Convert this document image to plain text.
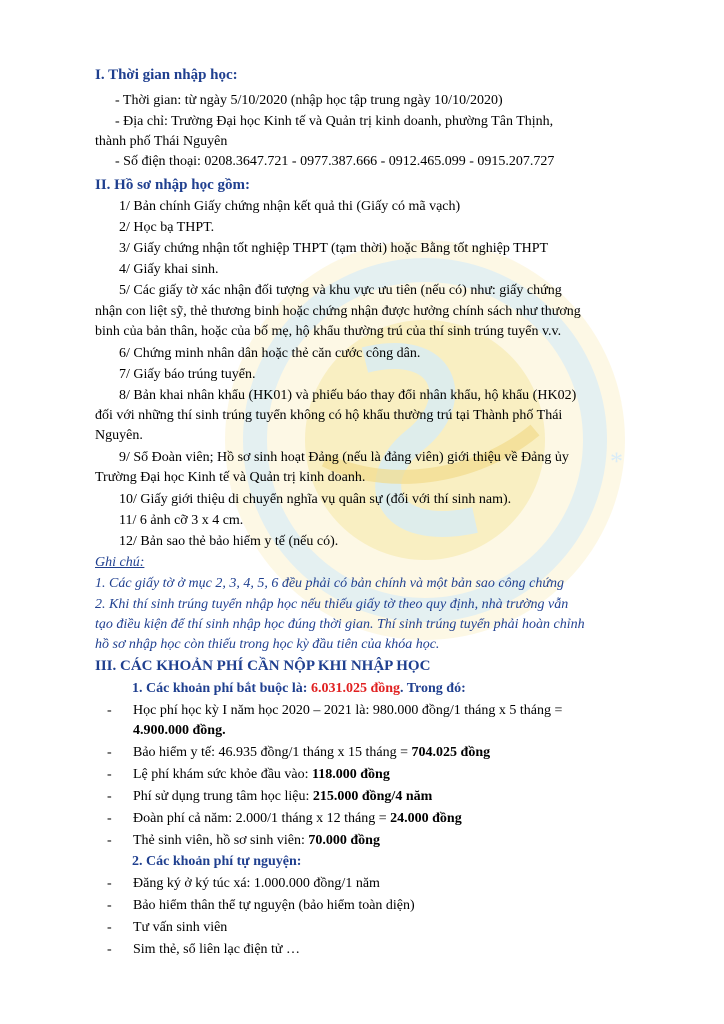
*
I. Thời gian nhập học:
- Thời gian: từ ngày 5/10/2020 (nhập học tập trung ngày 10/10/2020)
- Địa chỉ: Trường Đại học Kinh tế và Quản trị kinh doanh, phường Tân Thịnh,
thành phố Thái Nguyên
- Số điện thoại: 0208.3647.721 - 0977.387.666 - 0912.465.099 - 0915.207.727
II. Hồ sơ nhập học gồm:
1/ Bản chính Giấy chứng nhận kết quả thi (Giấy có mã vạch)
2/ Học bạ THPT.
3/ Giấy chứng nhận tốt nghiệp THPT (tạm thời) hoặc Bằng tốt nghiệp THPT
4/ Giấy khai sinh.
5/ Các giấy tờ xác nhận đối tượng và khu vực ưu tiên (nếu có) như: giấy chứng
nhận con liệt sỹ, thẻ thương binh hoặc chứng nhận được hưởng chính sách như thương
binh của bản thân, hoặc của bố mẹ, hộ khẩu thường trú của thí sinh trúng tuyển v.v.
6/ Chứng minh nhân dân hoặc thẻ căn cước công dân.
7/ Giấy báo trúng tuyển.
8/ Bản khai nhân khẩu (HK01) và phiếu báo thay đổi nhân khẩu, hộ khẩu (HK02)
đối với những thí sinh trúng tuyển không có hộ khẩu thường trú tại Thành phố Thái
Nguyên.
9/ Sổ Đoàn viên; Hồ sơ sinh hoạt Đảng (nếu là đảng viên) giới thiệu về Đảng ủy
Trường Đại học Kinh tế và Quản trị kinh doanh.
10/ Giấy giới thiệu di chuyển nghĩa vụ quân sự (đối với thí sinh nam).
11/ 6 ảnh cỡ 3 x 4 cm.
12/ Bản sao thẻ bảo hiểm y tế (nếu có).
Ghi chú:
1. Các giấy tờ ở mục 2, 3, 4, 5, 6 đều phải có bản chính và một bản sao công chứng
2. Khi thí sinh trúng tuyển nhập học nếu thiếu giấy tờ theo quy định, nhà trường vẫn
tạo điều kiện để thí sinh nhập học đúng thời gian. Thí sinh trúng tuyển phải hoàn chỉnh
hồ sơ nhập học còn thiếu trong học kỳ đầu tiên của khóa học.
III. CÁC KHOẢN PHÍ CẦN NỘP KHI NHẬP HỌC
1. Các khoản phí bắt buộc là: 6.031.025 đồng. Trong đó:
- Học phí học kỳ I năm học 2020 – 2021 là: 980.000 đồng/1 tháng x 5 tháng =
4.900.000 đồng.
- Bảo hiểm y tế: 46.935 đồng/1 tháng x 15 tháng = 704.025 đồng
- Lệ phí khám sức khỏe đầu vào: 118.000 đồng
- Phí sử dụng trung tâm học liệu: 215.000 đồng/4 năm
- Đoàn phí cả năm: 2.000/1 tháng x 12 tháng = 24.000 đồng
- Thẻ sinh viên, hồ sơ sinh viên: 70.000 đồng
2. Các khoản phí tự nguyện:
- Đăng ký ở ký túc xá: 1.000.000 đồng/1 năm
- Bảo hiểm thân thể tự nguyện (bảo hiểm toàn diện)
- Tư vấn sinh viên
- Sim thẻ, sổ liên lạc điện tử …
